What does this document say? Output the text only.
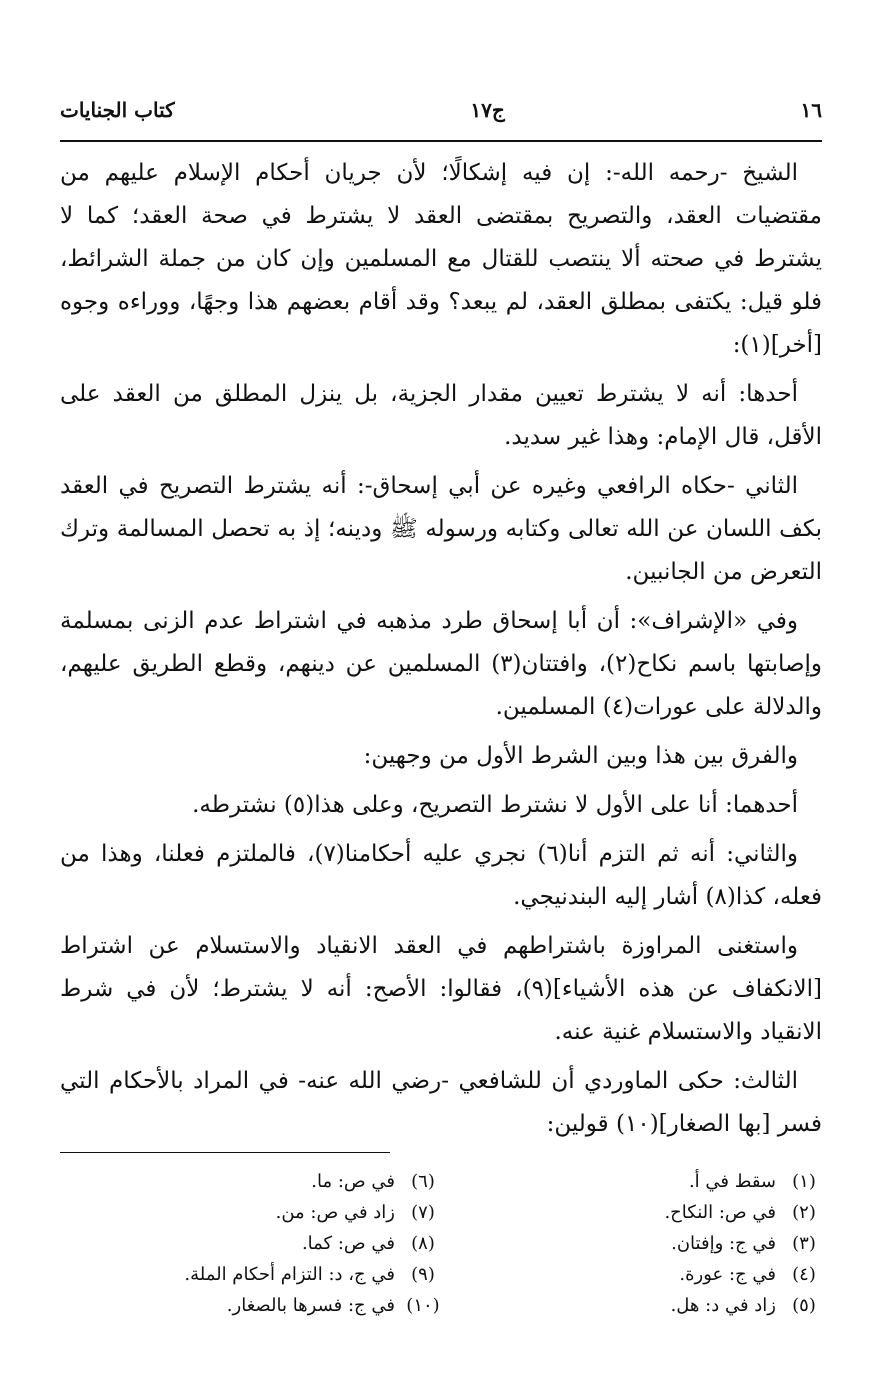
١٦
ج١٧
كتاب الجنايات

الشيخ -رحمه الله-: إن فيه إشكالًا؛ لأن جريان أحكام الإسلام عليهم من مقتضيات العقد، والتصريح بمقتضى العقد لا يشترط في صحة العقد؛ كما لا يشترط في صحته ألا ينتصب للقتال مع المسلمين وإن كان من جملة الشرائط، فلو قيل: يكتفى بمطلق العقد، لم يبعد؟ وقد أقام بعضهم هذا وجهًا، ووراءه وجوه [أخر](١):

أحدها: أنه لا يشترط تعيين مقدار الجزية، بل ينزل المطلق من العقد على الأقل، قال الإمام: وهذا غير سديد.

الثاني -حكاه الرافعي وغيره عن أبي إسحاق-: أنه يشترط التصريح في العقد بكف اللسان عن الله تعالى وكتابه ورسوله ﷺ ودينه؛ إذ به تحصل المسالمة وترك التعرض من الجانبين.

وفي «الإشراف»: أن أبا إسحاق طرد مذهبه في اشتراط عدم الزنى بمسلمة وإصابتها باسم نكاح(٢)، وافتتان(٣) المسلمين عن دينهم، وقطع الطريق عليهم، والدلالة على عورات(٤) المسلمين.

والفرق بين هذا وبين الشرط الأول من وجهين:

أحدهما: أنا على الأول لا نشترط التصريح، وعلى هذا(٥) نشترطه.

والثاني: أنه ثم التزم أنا(٦) نجري عليه أحكامنا(٧)، فالملتزم فعلنا، وهذا من فعله، كذا(٨) أشار إليه البندنيجي.

واستغنى المراوزة باشتراطهم في العقد الانقياد والاستسلام عن اشتراط [الانكفاف عن هذه الأشياء](٩)، فقالوا: الأصح: أنه لا يشترط؛ لأن في شرط الانقياد والاستسلام غنية عنه.

الثالث: حكى الماوردي أن للشافعي -رضي الله عنه- في المراد بالأحكام التي فسر [بها الصغار](١٠) قولين:

(١)
سقط في أ.
(٢)
في ص: النكاح.
(٣)
في ج: وإفتان.
(٤)
في ج: عورة.
(٥)
زاد في د: هل.
(٦)
في ص: ما.
(٧)
زاد في ص: من.
(٨)
في ص: كما.
(٩)
في ج، د: التزام أحكام الملة.
(١٠)
في ج: فسرها بالصغار.
